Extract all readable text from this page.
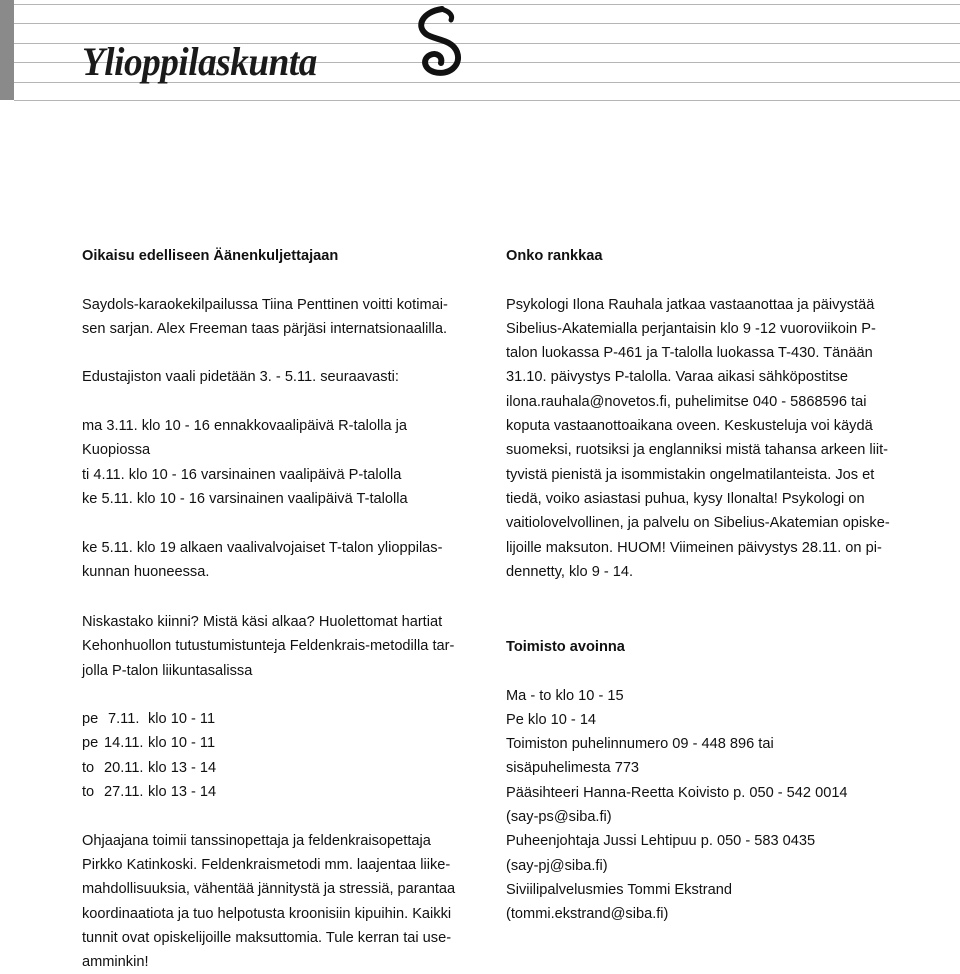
Ylioppilaskunta

Oikaisu edelliseen Äänenkuljettajaan

Saydols-karaokekilpailussa Tiina Penttinen voitti kotimai-

sen sarjan. Alex Freeman taas pärjäsi internatsionaalilla.

Edustajiston vaali pidetään 3. - 5.11. seuraavasti:

ma 3.11. klo 10 - 16 ennakkovaalipäivä R-talolla ja

Kuopiossa

ti 4.11. klo 10 - 16 varsinainen vaalipäivä P-talolla

ke 5.11. klo 10 - 16 varsinainen vaalipäivä T-talolla

ke 5.11. klo 19 alkaen vaalivalvojaiset T-talon ylioppilas-

kunnan huoneessa.

Onko rankkaa

Psykologi Ilona Rauhala jatkaa vastaanottaa ja päivystää

Sibelius-Akatemialla perjantaisin klo 9 -12 vuoroviikoin P-

talon luokassa P-461 ja T-talolla luokassa T-430. Tänään

31.10. päivystys P-talolla. Varaa aikasi sähköpostitse

ilona.rauhala@novetos.fi, puhelimitse 040 - 5868596 tai

koputa vastaanottoaikana oveen. Keskusteluja voi käydä

suomeksi, ruotsiksi ja englanniksi mistä tahansa arkeen liit-

tyvistä pienistä ja isommistakin ongelmatilanteista. Jos et

tiedä, voiko asiastasi puhua, kysy Ilonalta! Psykologi on

vaitiolovelvollinen, ja palvelu on Sibelius-Akatemian opiske-

lijoille maksuton. HUOM! Viimeinen päivystys 28.11. on pi-

dennetty, klo 9 - 14.

Niskastako kiinni? Mistä käsi alkaa? Huolettomat hartiat

Kehonhuollon tutustumistunteja Feldenkrais-metodilla tar-

jolla P-talon liikuntasalissa

pe 7.11. klo 10 - 11
pe 14.11. klo 10 - 11
to 20.11. klo 13 - 14
to 27.11. klo 13 - 14

Ohjaajana toimii tanssinopettaja ja feldenkraisopettaja

Pirkko Katinkoski. Feldenkraismetodi mm. laajentaa liike-

mahdollisuuksia, vähentää jännitystä ja stressiä, parantaa

koordinaatiota ja tuo helpotusta kroonisiin kipuihin. Kaikki

tunnit ovat opiskelijoille maksuttomia. Tule kerran tai use-

amminkin!

Toimisto avoinna

Ma - to klo 10 - 15

Pe klo 10 - 14

Toimiston puhelinnumero 09 - 448 896 tai

sisäpuhelimesta 773

Pääsihteeri Hanna-Reetta Koivisto p. 050 - 542 0014

(say-ps@siba.fi)

Puheenjohtaja Jussi Lehtipuu p. 050 - 583 0435

(say-pj@siba.fi)

Siviilipalvelusmies Tommi Ekstrand

(tommi.ekstrand@siba.fi)
